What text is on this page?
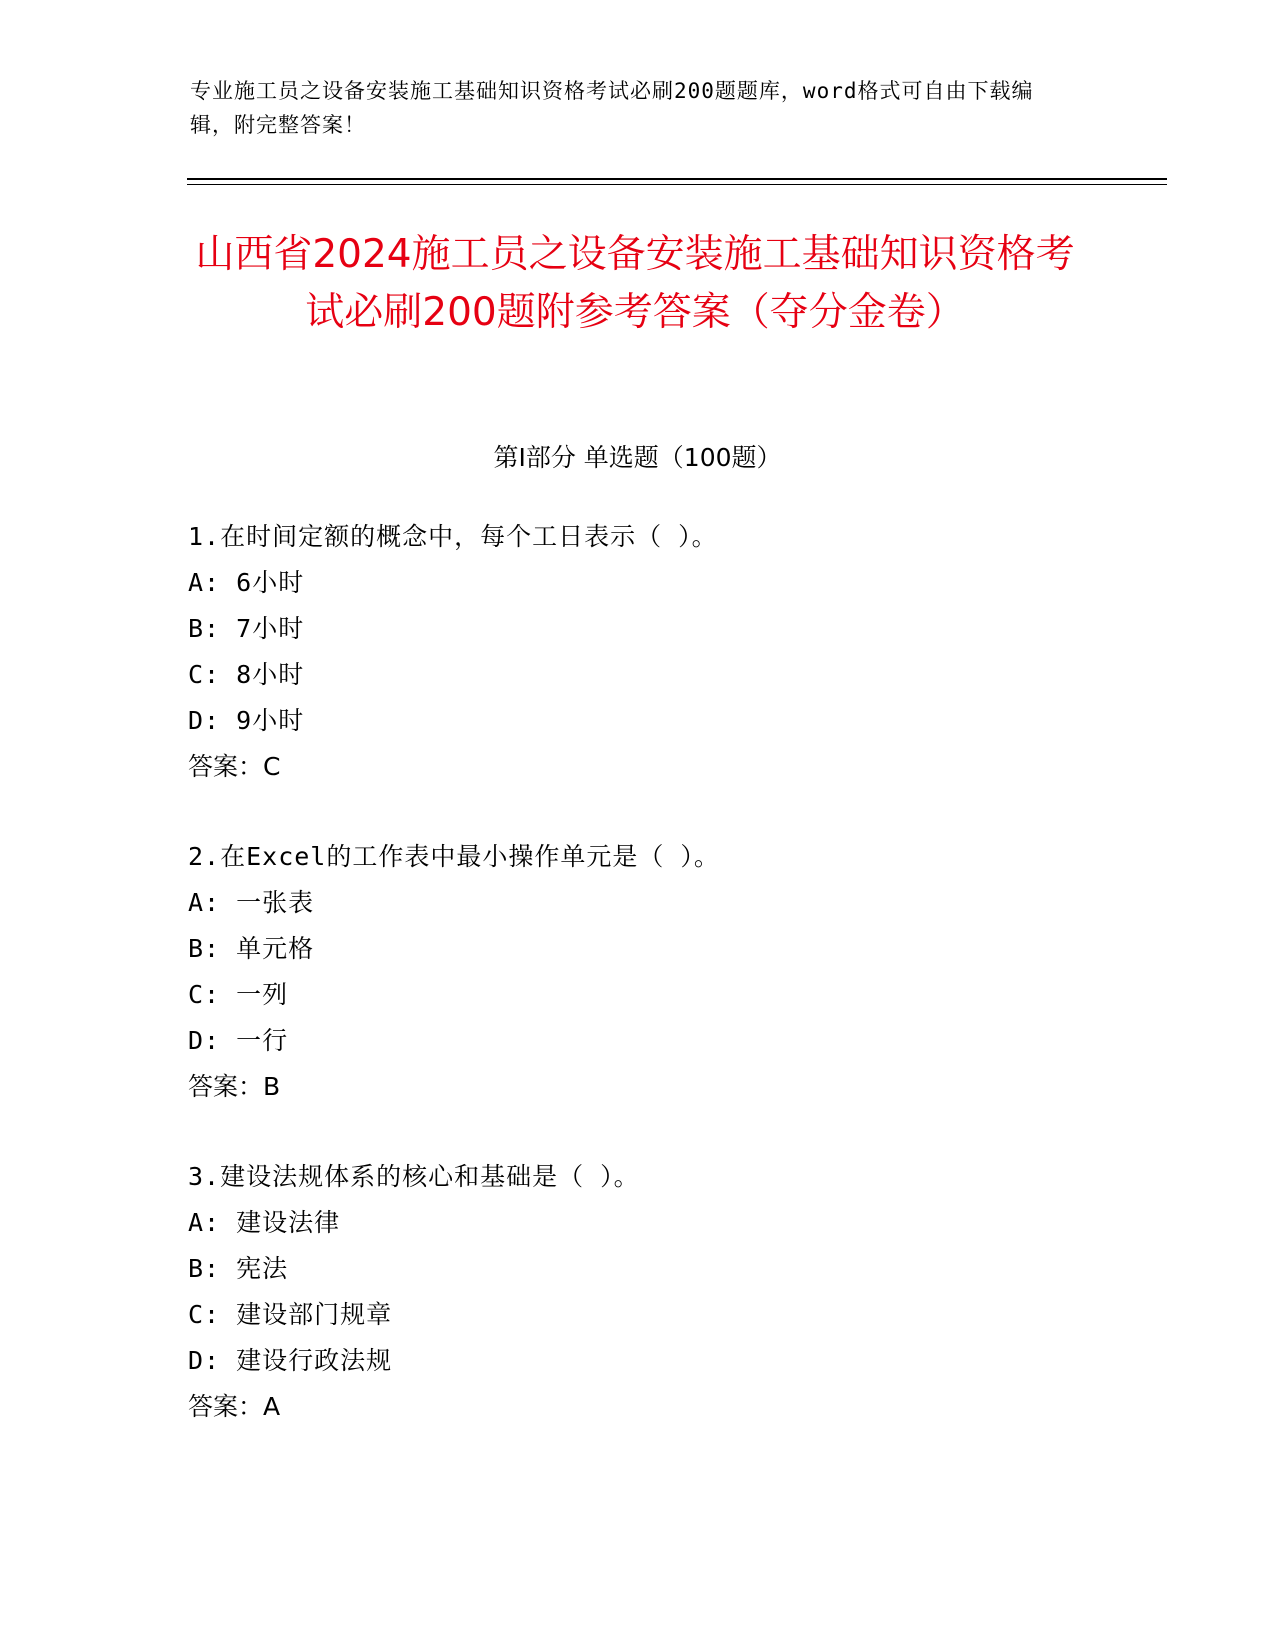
专业施工员之设备安装施工基础知识资格考试必刷200题题库，word格式可自由下载编辑，附完整答案！
山西省2024施工员之设备安装施工基础知识资格考试必刷200题附参考答案（夺分金卷）
第Ⅰ部分 单选题（100题）
1.在时间定额的概念中，每个工日表示（ ）。
A: 6小时
B: 7小时
C: 8小时
D: 9小时
答案：C
2.在Excel的工作表中最小操作单元是（ ）。
A: 一张表
B: 单元格
C: 一列
D: 一行
答案：B
3.建设法规体系的核心和基础是（ ）。
A: 建设法律
B: 宪法
C: 建设部门规章
D: 建设行政法规
答案：A
